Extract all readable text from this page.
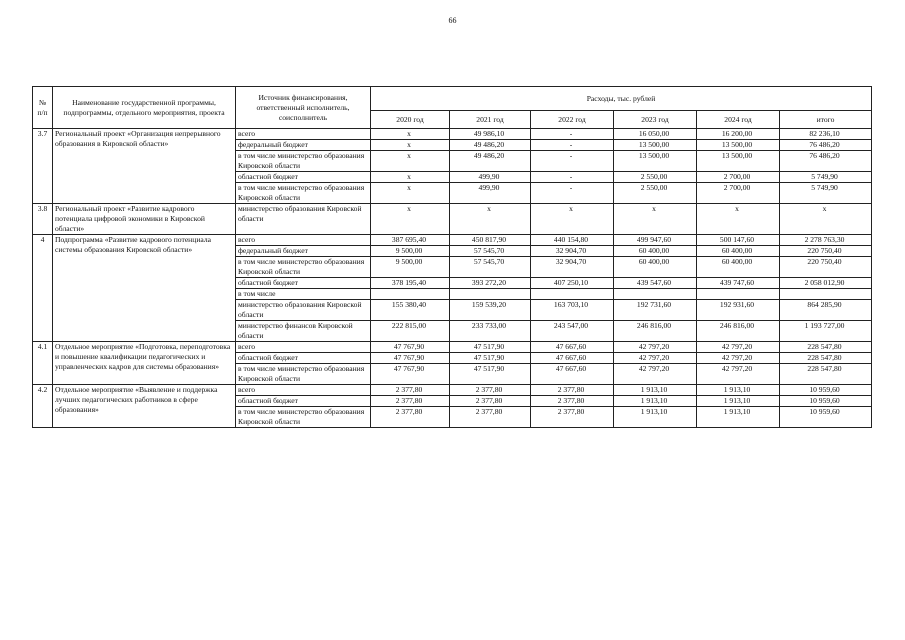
66
№ п/п	Наименование государственной программы, подпрограммы, отдельного мероприятия, проекта	Источник финансирования, ответственный исполнитель, соисполнитель	Расходы, тыс. рублей					
			2020 год	2021 год	2022 год	2023 год	2024 год	итого
3.7	Региональный проект «Организация непрерывного образования в Кировской области»	всего	х	49 986,10	-	16 050,00	16 200,00	82 236,10
		федеральный бюджет	х	49 486,20	-	13 500,00	13 500,00	76 486,20
		в том числе министерство образования Кировской области	х	49 486,20	-	13 500,00	13 500,00	76 486,20
		областной бюджет	х	499,90	-	2 550,00	2 700,00	5 749,90
		в том числе министерство образования Кировской области	х	499,90	-	2 550,00	2 700,00	5 749,90
3.8	Региональный проект «Развитие кадрового потенциала цифровой экономики в Кировской области»	министерство образования Кировской области	х	х	х	х	х	х
4	Подпрограмма «Развитие кадрового потенциала системы образования Кировской области»	всего	387 695,40	450 817,90	440 154,80	499 947,60	500 147,60	2 278 763,30
		федеральный бюджет	9 500,00	57 545,70	32 904,70	60 400,00	60 400,00	220 750,40
		в том числе министерство образования Кировской области	9 500,00	57 545,70	32 904,70	60 400,00	60 400,00	220 750,40
		областной бюджет	378 195,40	393 272,20	407 250,10	439 547,60	439 747,60	2 058 012,90
		в том числе						
		министерство образования Кировской области	155 380,40	159 539,20	163 703,10	192 731,60	192 931,60	864 285,90
		министерство финансов Кировской области	222 815,00	233 733,00	243 547,00	246 816,00	246 816,00	1 193 727,00
4.1	Отдельное мероприятие «Подготовка, переподготовка и повышение квалификации педагогических и управленческих кадров для системы образования»	всего	47 767,90	47 517,90	47 667,60	42 797,20	42 797,20	228 547,80
		областной бюджет	47 767,90	47 517,90	47 667,60	42 797,20	42 797,20	228 547,80
		в том числе министерство образования Кировской области	47 767,90	47 517,90	47 667,60	42 797,20	42 797,20	228 547,80
4.2	Отдельное мероприятие «Выявление и поддержка лучших педагогических работников в сфере образования»	всего	2 377,80	2 377,80	2 377,80	1 913,10	1 913,10	10 959,60
		областной бюджет	2 377,80	2 377,80	2 377,80	1 913,10	1 913,10	10 959,60
		в том числе министерство образования Кировской области	2 377,80	2 377,80	2 377,80	1 913,10	1 913,10	10 959,60
